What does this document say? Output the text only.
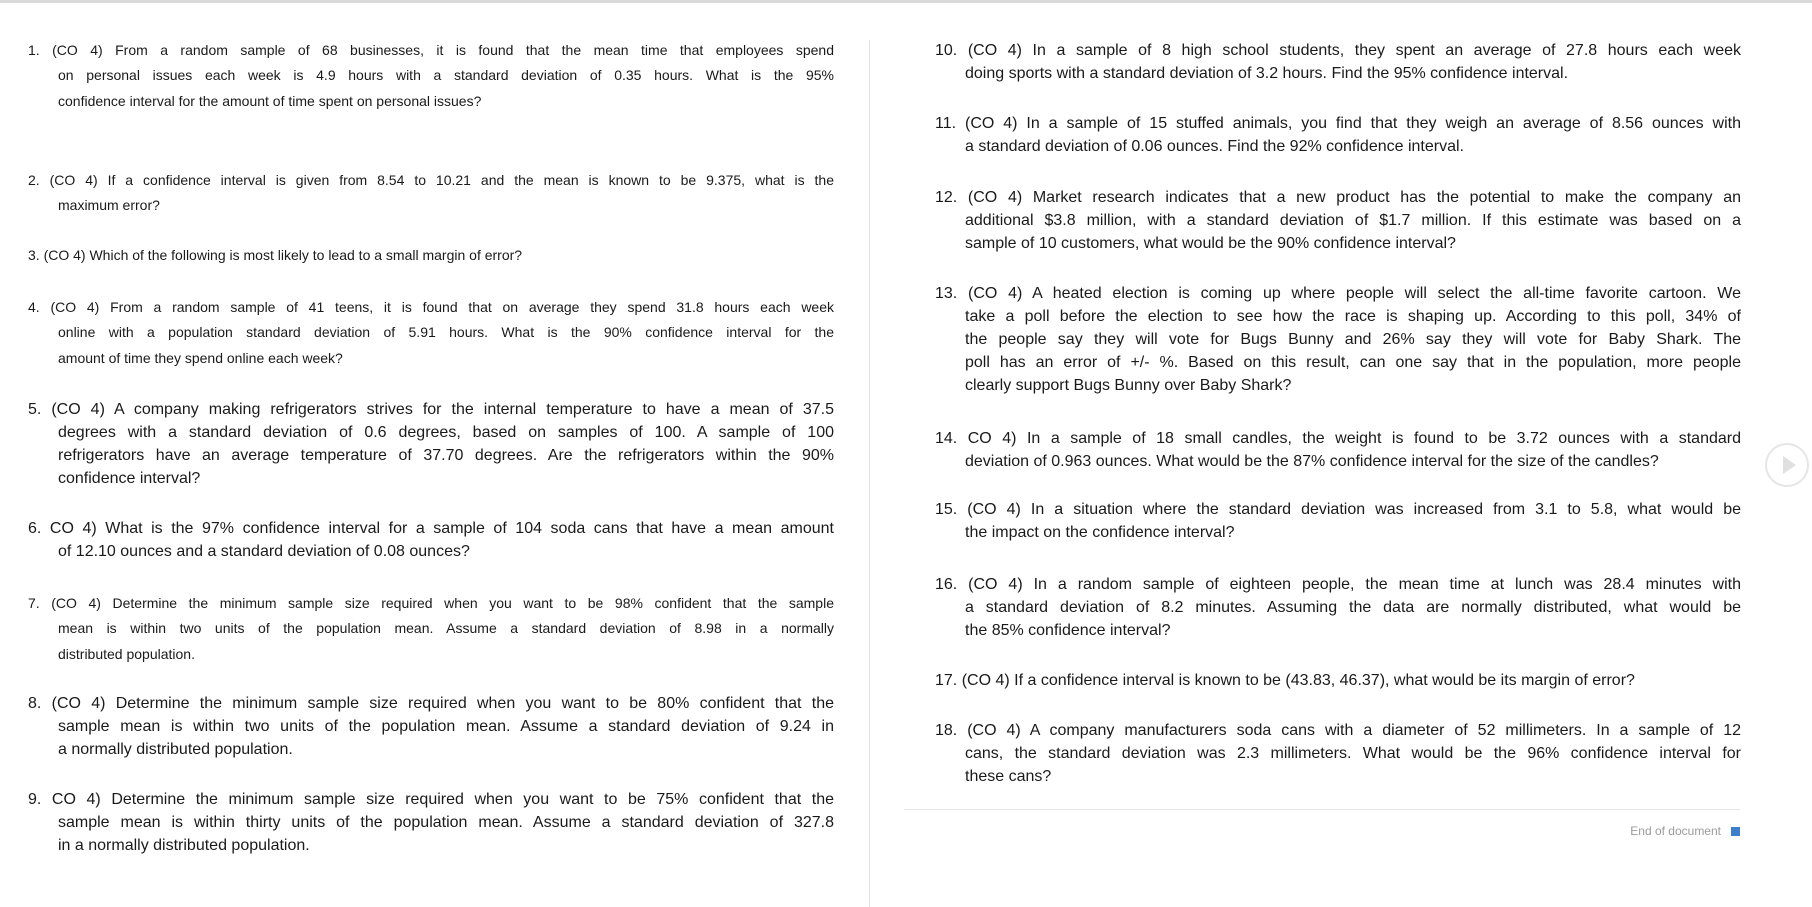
1. (CO 4) From a random sample of 68 businesses, it is found that the mean time that employees spend
on personal issues each week is 4.9 hours with a standard deviation of 0.35 hours. What is the 95%
confidence interval for the amount of time spent on personal issues?
2. (CO 4) If a confidence interval is given from 8.54 to 10.21 and the mean is known to be 9.375, what is the
maximum error?
3. (CO 4) Which of the following is most likely to lead to a small margin of error?
4. (CO 4) From a random sample of 41 teens, it is found that on average they spend 31.8 hours each week
online with a population standard deviation of 5.91 hours. What is the 90% confidence interval for the
amount of time they spend online each week?
5. (CO 4) A company making refrigerators strives for the internal temperature to have a mean of 37.5
degrees with a standard deviation of 0.6 degrees, based on samples of 100. A sample of 100
refrigerators have an average temperature of 37.70 degrees. Are the refrigerators within the 90%
confidence interval?
6. CO 4) What is the 97% confidence interval for a sample of 104 soda cans that have a mean amount
of 12.10 ounces and a standard deviation of 0.08 ounces?
7. (CO 4) Determine the minimum sample size required when you want to be 98% confident that the sample
mean is within two units of the population mean. Assume a standard deviation of 8.98 in a normally
distributed population.
8. (CO 4) Determine the minimum sample size required when you want to be 80% confident that the
sample mean is within two units of the population mean. Assume a standard deviation of 9.24 in
a normally distributed population.
9. CO 4) Determine the minimum sample size required when you want to be 75% confident that the
sample mean is within thirty units of the population mean. Assume a standard deviation of 327.8
in a normally distributed population.
10. (CO 4) In a sample of 8 high school students, they spent an average of 27.8 hours each week
doing sports with a standard deviation of 3.2 hours. Find the 95% confidence interval.
11. (CO 4) In a sample of 15 stuffed animals, you find that they weigh an average of 8.56 ounces with
a standard deviation of 0.06 ounces. Find the 92% confidence interval.
12. (CO 4) Market research indicates that a new product has the potential to make the company an
additional $3.8 million, with a standard deviation of $1.7 million. If this estimate was based on a
sample of 10 customers, what would be the 90% confidence interval?
13. (CO 4) A heated election is coming up where people will select the all-time favorite cartoon. We
take a poll before the election to see how the race is shaping up. According to this poll, 34% of
the people say they will vote for Bugs Bunny and 26% say they will vote for Baby Shark. The
poll has an error of +/- %. Based on this result, can one say that in the population, more people
clearly support Bugs Bunny over Baby Shark?
14. CO 4) In a sample of 18 small candles, the weight is found to be 3.72 ounces with a standard
deviation of 0.963 ounces. What would be the 87% confidence interval for the size of the candles?
15. (CO 4) In a situation where the standard deviation was increased from 3.1 to 5.8, what would be
the impact on the confidence interval?
16. (CO 4) In a random sample of eighteen people, the mean time at lunch was 28.4 minutes with
a standard deviation of 8.2 minutes. Assuming the data are normally distributed, what would be
the 85% confidence interval?
17. (CO 4) If a confidence interval is known to be (43.83, 46.37), what would be its margin of error?
18. (CO 4) A company manufacturers soda cans with a diameter of 52 millimeters. In a sample of 12
cans, the standard deviation was 2.3 millimeters. What would be the 96% confidence interval for
these cans?
End of document
